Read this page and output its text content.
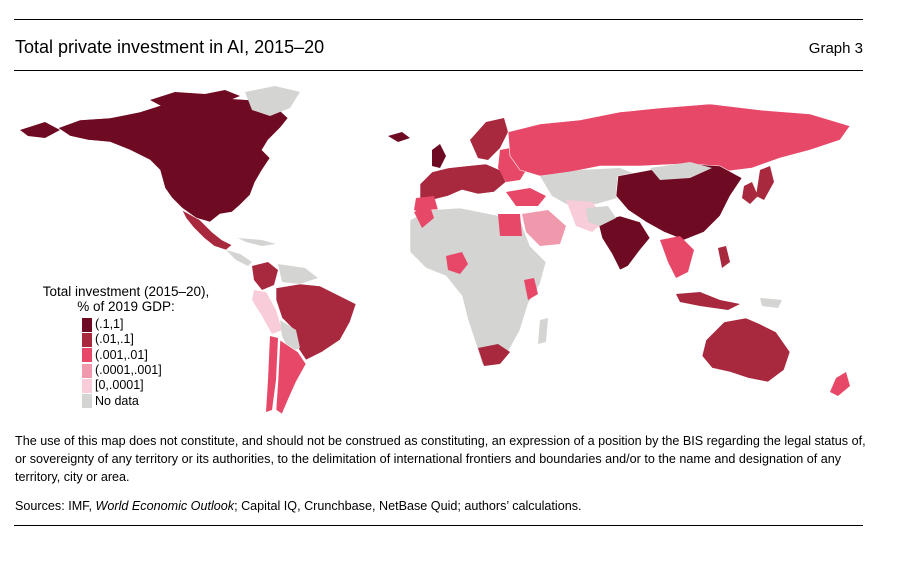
Total private investment in AI, 2015–20	Graph 3
Total investment (2015–20),
% of 2019 GDP:
(.1,1]
(.01,.1]
(.001,.01]
(.0001,.001]
[0,.0001]
No data
The use of this map does not constitute, and should not be construed as constituting, an expression of a position by the BIS regarding the legal status of, or sovereignty of any territory or its authorities, to the delimitation of international frontiers and boundaries and/or to the name and designation of any territory, city or area.
Sources: IMF, World Economic Outlook; Capital IQ, Crunchbase, NetBase Quid; authors’ calculations.
